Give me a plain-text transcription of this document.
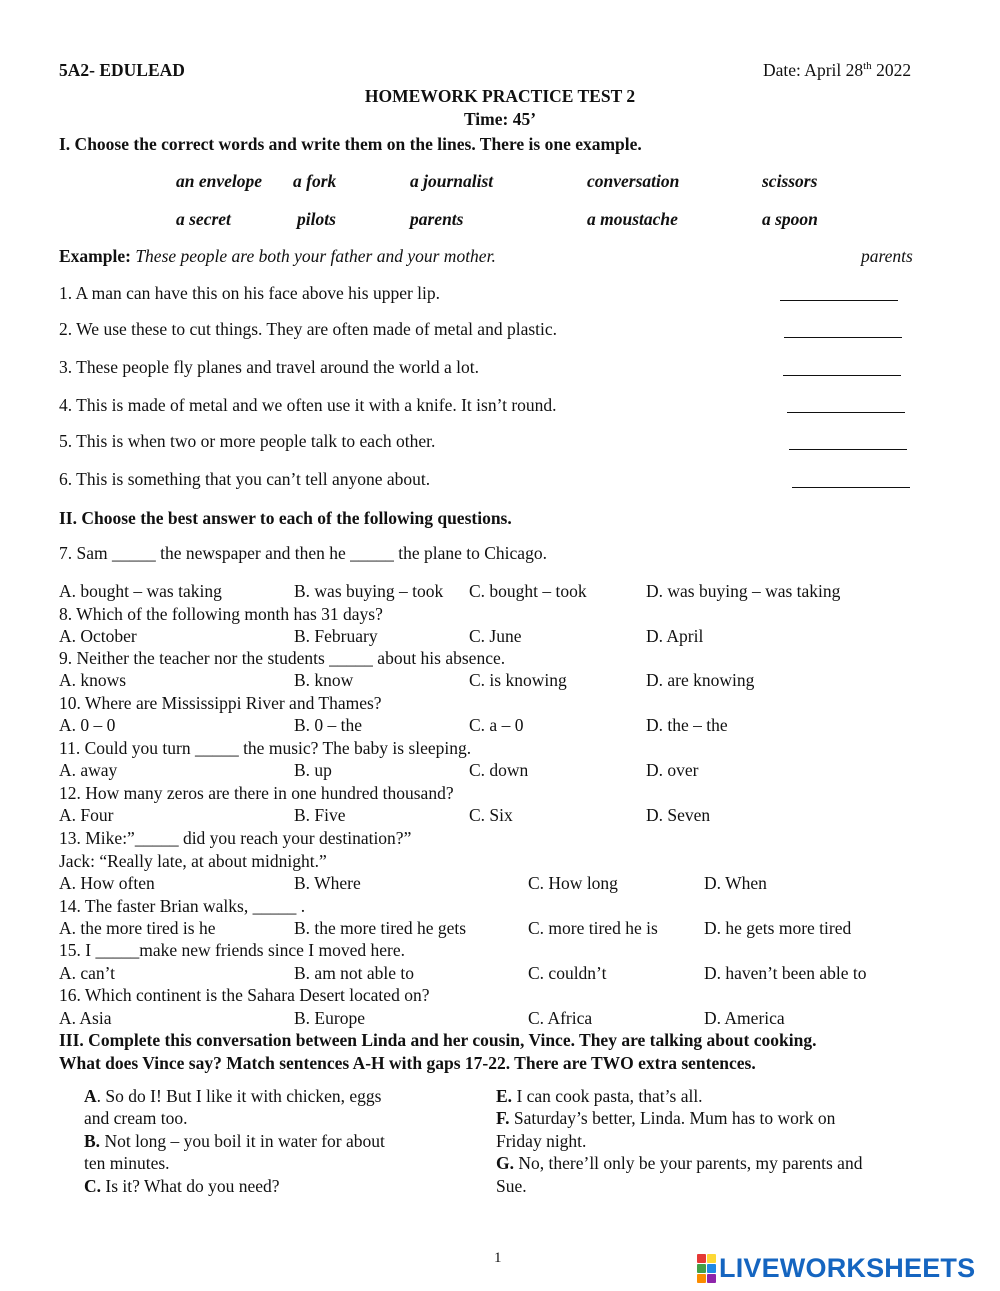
5A2- EDULEAD	Date: April 28th 2022
HOMEWORK PRACTICE TEST 2
Time: 45’
I. Choose the correct words and write them on the lines. There is one example.
an envelope a fork	a journalist	conversation	scissors
a secret	pilots	parents	a moustache	a spoon
Example: These people are both your father and your mother.	parents
1. A man can have this on his face above his upper lip.
2. We use these to cut things. They are often made of metal and plastic.
3. These people fly planes and travel around the world a lot.
4. This is made of metal and we often use it with a knife. It isn’t round.
5. This is when two or more people talk to each other.
6. This is something that you can’t tell anyone about.
II. Choose the best answer to each of the following questions.
7. Sam _____ the newspaper and then he _____ the plane to Chicago.
A. bought – was taking	B. was buying – took C. bought – took	D. was buying – was taking
8. Which of the following month has 31 days?
A. October	B. February	C. June	D. April
9. Neither the teacher nor the students _____ about his absence.
A. knows	B. know	C. is knowing	D. are knowing
10. Where are Mississippi River and Thames?
A. 0 – 0	B. 0 – the	C. a – 0	D. the – the
11. Could you turn _____ the music? The baby is sleeping.
A. away	B. up	C. down	D. over
12. How many zeros are there in one hundred thousand?
A. Four	B. Five	C. Six	D. Seven
13. Mike:”_____ did you reach your destination?”
Jack: “Really late, at about midnight.”
A. How often	B. Where	C. How long	D. When
14. The faster Brian walks, _____ .
A. the more tired is he	B. the more tired he gets	C. more tired he is	D. he gets more tired
15. I _____make new friends since I moved here.
A. can’t	B. am not able to	C. couldn’t	D. haven’t been able to
16. Which continent is the Sahara Desert located on?
A. Asia	B. Europe	C. Africa	D. America
III. Complete this conversation between Linda and her cousin, Vince. They are talking about cooking.
What does Vince say? Match sentences A-H with gaps 17-22. There are TWO extra sentences.
A. So do I! But I like it with chicken, eggs
and cream too.
B. Not long – you boil it in water for about
ten minutes.
C. Is it? What do you need?
E. I can cook pasta, that’s all.
F. Saturday’s better, Linda. Mum has to work on
Friday night.
G. No, there’ll only be your parents, my parents and
Sue.
1	LIVEWORKSHEETS
